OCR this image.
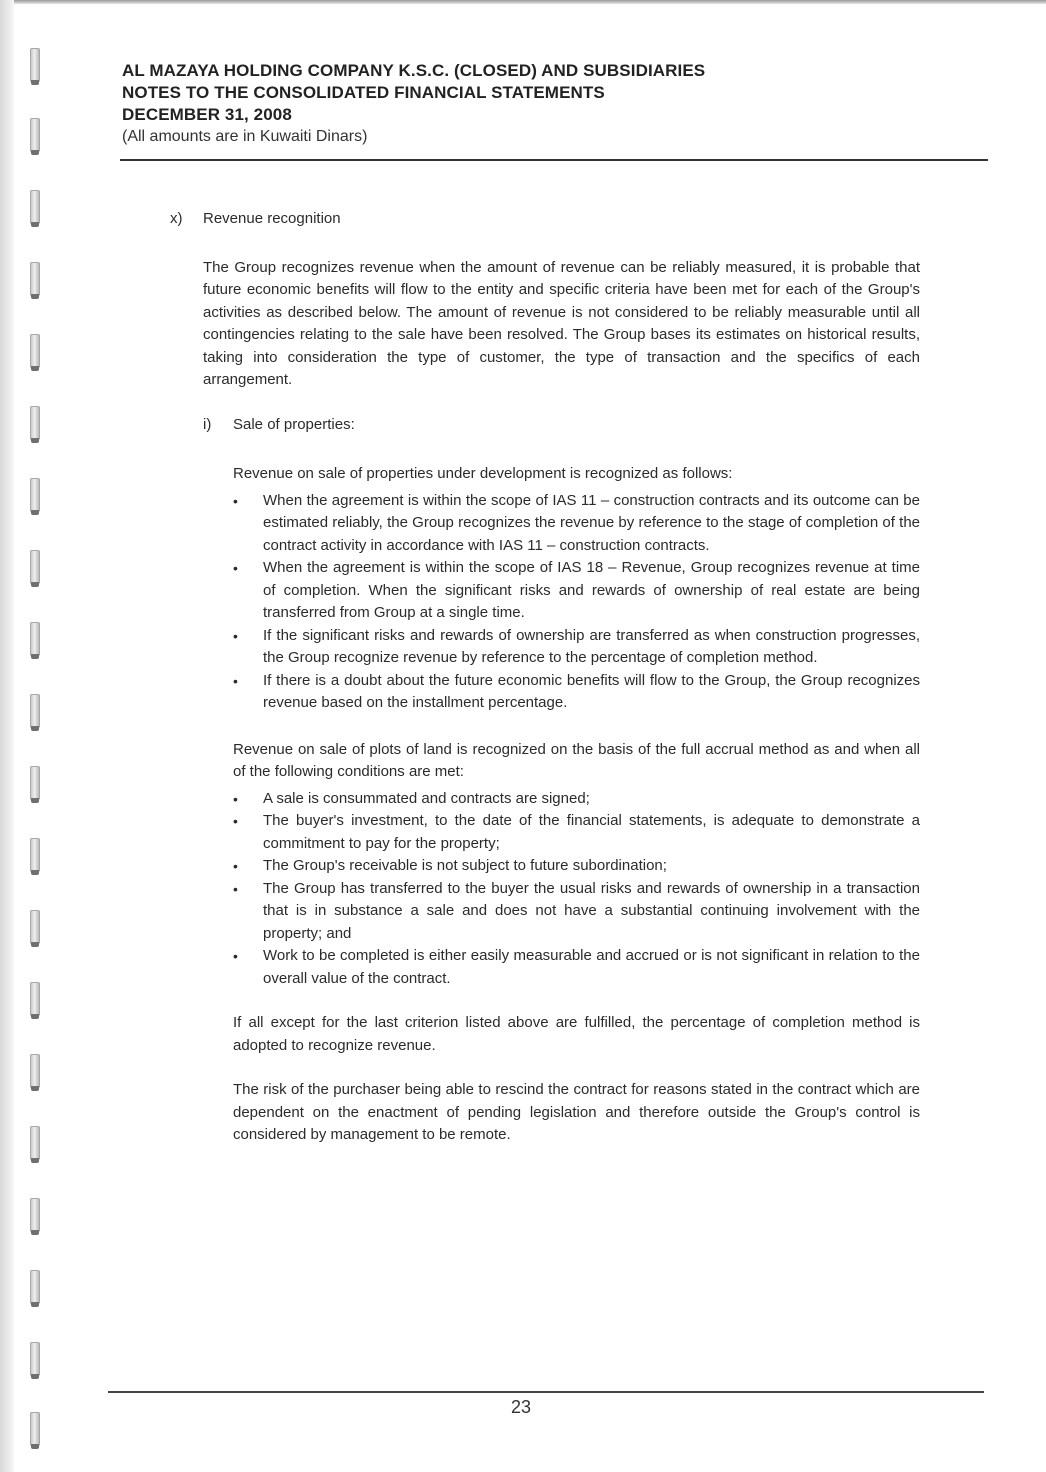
AL MAZAYA HOLDING COMPANY K.S.C. (CLOSED) AND SUBSIDIARIES
NOTES TO THE CONSOLIDATED FINANCIAL STATEMENTS
DECEMBER 31, 2008
(All amounts are in Kuwaiti Dinars)

x)	Revenue recognition

The Group recognizes revenue when the amount of revenue can be reliably measured, it is probable that future economic benefits will flow to the entity and specific criteria have been met for each of the Group's activities as described below. The amount of revenue is not considered to be reliably measurable until all contingencies relating to the sale have been resolved. The Group bases its estimates on historical results, taking into consideration the type of customer, the type of transaction and the specifics of each arrangement.

i)	Sale of properties:

Revenue on sale of properties under development is recognized as follows:

• When the agreement is within the scope of IAS 11 – construction contracts and its outcome can be estimated reliably, the Group recognizes the revenue by reference to the stage of completion of the contract activity in accordance with IAS 11 – construction contracts.
• When the agreement is within the scope of IAS 18 – Revenue, Group recognizes revenue at time of completion. When the significant risks and rewards of ownership of real estate are being transferred from Group at a single time.
• If the significant risks and rewards of ownership are transferred as when construction progresses, the Group recognize revenue by reference to the percentage of completion method.
• If there is a doubt about the future economic benefits will flow to the Group, the Group recognizes revenue based on the installment percentage.

Revenue on sale of plots of land is recognized on the basis of the full accrual method as and when all of the following conditions are met:

• A sale is consummated and contracts are signed;
• The buyer's investment, to the date of the financial statements, is adequate to demonstrate a commitment to pay for the property;
• The Group's receivable is not subject to future subordination;
• The Group has transferred to the buyer the usual risks and rewards of ownership in a transaction that is in substance a sale and does not have a substantial continuing involvement with the property; and
• Work to be completed is either easily measurable and accrued or is not significant in relation to the overall value of the contract.

If all except for the last criterion listed above are fulfilled, the percentage of completion method is adopted to recognize revenue.

The risk of the purchaser being able to rescind the contract for reasons stated in the contract which are dependent on the enactment of pending legislation and therefore outside the Group's control is considered by management to be remote.

23
